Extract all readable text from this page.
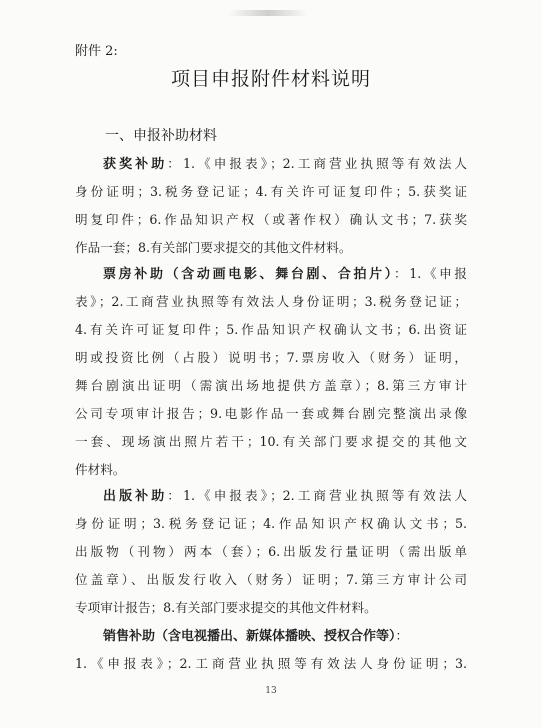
附件 2:
项目申报附件材料说明
一、申报补助材料
获奖补助：1.《申报表》；2.工商营业执照等有效法人
身份证明；3.税务登记证；4.有关许可证复印件；5.获奖证
明复印件；6.作品知识产权（或著作权）确认文书；7.获奖
作品一套；8.有关部门要求提交的其他文件材料。
票房补助（含动画电影、舞台剧、合拍片）：1.《申报
表》；2.工商营业执照等有效法人身份证明；3.税务登记证；
4.有关许可证复印件；5.作品知识产权确认文书；6.出资证
明或投资比例（占股）说明书；7.票房收入（财务）证明，
舞台剧演出证明（需演出场地提供方盖章）；8.第三方审计
公司专项审计报告；9.电影作品一套或舞台剧完整演出录像
一套、现场演出照片若干；10.有关部门要求提交的其他文
件材料。
出版补助：1.《申报表》；2.工商营业执照等有效法人
身份证明；3.税务登记证；4.作品知识产权确认文书；5.
出版物（刊物）两本（套）；6.出版发行量证明（需出版单
位盖章）、出版发行收入（财务）证明；7.第三方审计公司
专项审计报告；8.有关部门要求提交的其他文件材料。
销售补助（含电视播出、新媒体播映、授权合作等）：
1.《申报表》；2.工商营业执照等有效法人身份证明；3.
13
